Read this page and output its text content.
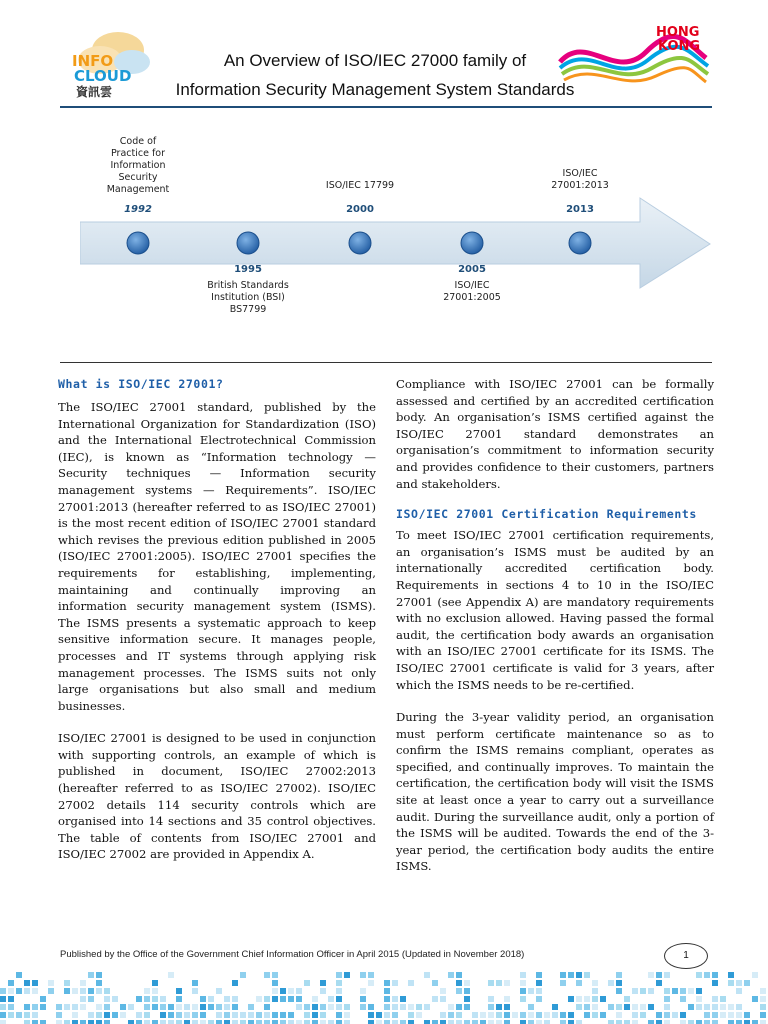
INFO
CLOUD
資訊雲
HONG
KONG
An Overview of ISO/IEC 27000 family of
Information Security Management System Standards
Code of
Practice for
Information
Security
Management
1992
1995
British Standards
Institution (BSI)
BS7799
ISO/IEC 17799
2000
2005
ISO/IEC
27001:2005
ISO/IEC
27001:2013
2013
What is ISO/IEC 27001?

The ISO/IEC 27001 standard, published by the International Organization for Standardization (ISO) and the International Electrotechnical Commission (IEC), is known as “Information technology — Security techniques — Information security management systems — Requirements”. ISO/IEC 27001:2013 (hereafter referred to as ISO/IEC 27001) is the most recent edition of ISO/IEC 27001 standard which revises the previous edition published in 2005 (ISO/IEC 27001:2005). ISO/IEC 27001 specifies the requirements for establishing, implementing, maintaining and continually improving an information security management system (ISMS). The ISMS presents a systematic approach to keep sensitive information secure. It manages people, processes and IT systems through applying risk management processes. The ISMS suits not only large organisations but also small and medium businesses.

ISO/IEC 27001 is designed to be used in conjunction with supporting controls, an example of which is published in document, ISO/IEC 27002:2013 (hereafter referred to as ISO/IEC 27002). ISO/IEC 27002 details 114 security controls which are organised into 14 sections and 35 control objectives. The table of contents from ISO/IEC 27001 and ISO/IEC 27002 are provided in Appendix A.

Compliance with ISO/IEC 27001 can be formally assessed and certified by an accredited certification body. An organisation’s ISMS certified against the ISO/IEC 27001 standard demonstrates an organisation’s commitment to information security and provides confidence to their customers, partners and stakeholders.

ISO/IEC 27001 Certification Requirements

To meet ISO/IEC 27001 certification requirements, an organisation’s ISMS must be audited by an internationally accredited certification body. Requirements in sections 4 to 10 in the ISO/IEC 27001 (see Appendix A) are mandatory requirements with no exclusion allowed. Having passed the formal audit, the certification body awards an organisation with an ISO/IEC 27001 certificate for its ISMS. The ISO/IEC 27001 certificate is valid for 3 years, after which the ISMS needs to be re-certified.

During the 3-year validity period, an organisation must perform certificate maintenance so as to confirm the ISMS remains compliant, operates as specified, and continually improves. To maintain the certification, the certification body will visit the ISMS site at least once a year to carry out a surveillance audit. During the surveillance audit, only a portion of the ISMS will be audited. Towards the end of the 3-year period, the certification body audits the entire ISMS.

Published by the Office of the Government Chief Information Officer in April 2015 (Updated in November 2018)	1
